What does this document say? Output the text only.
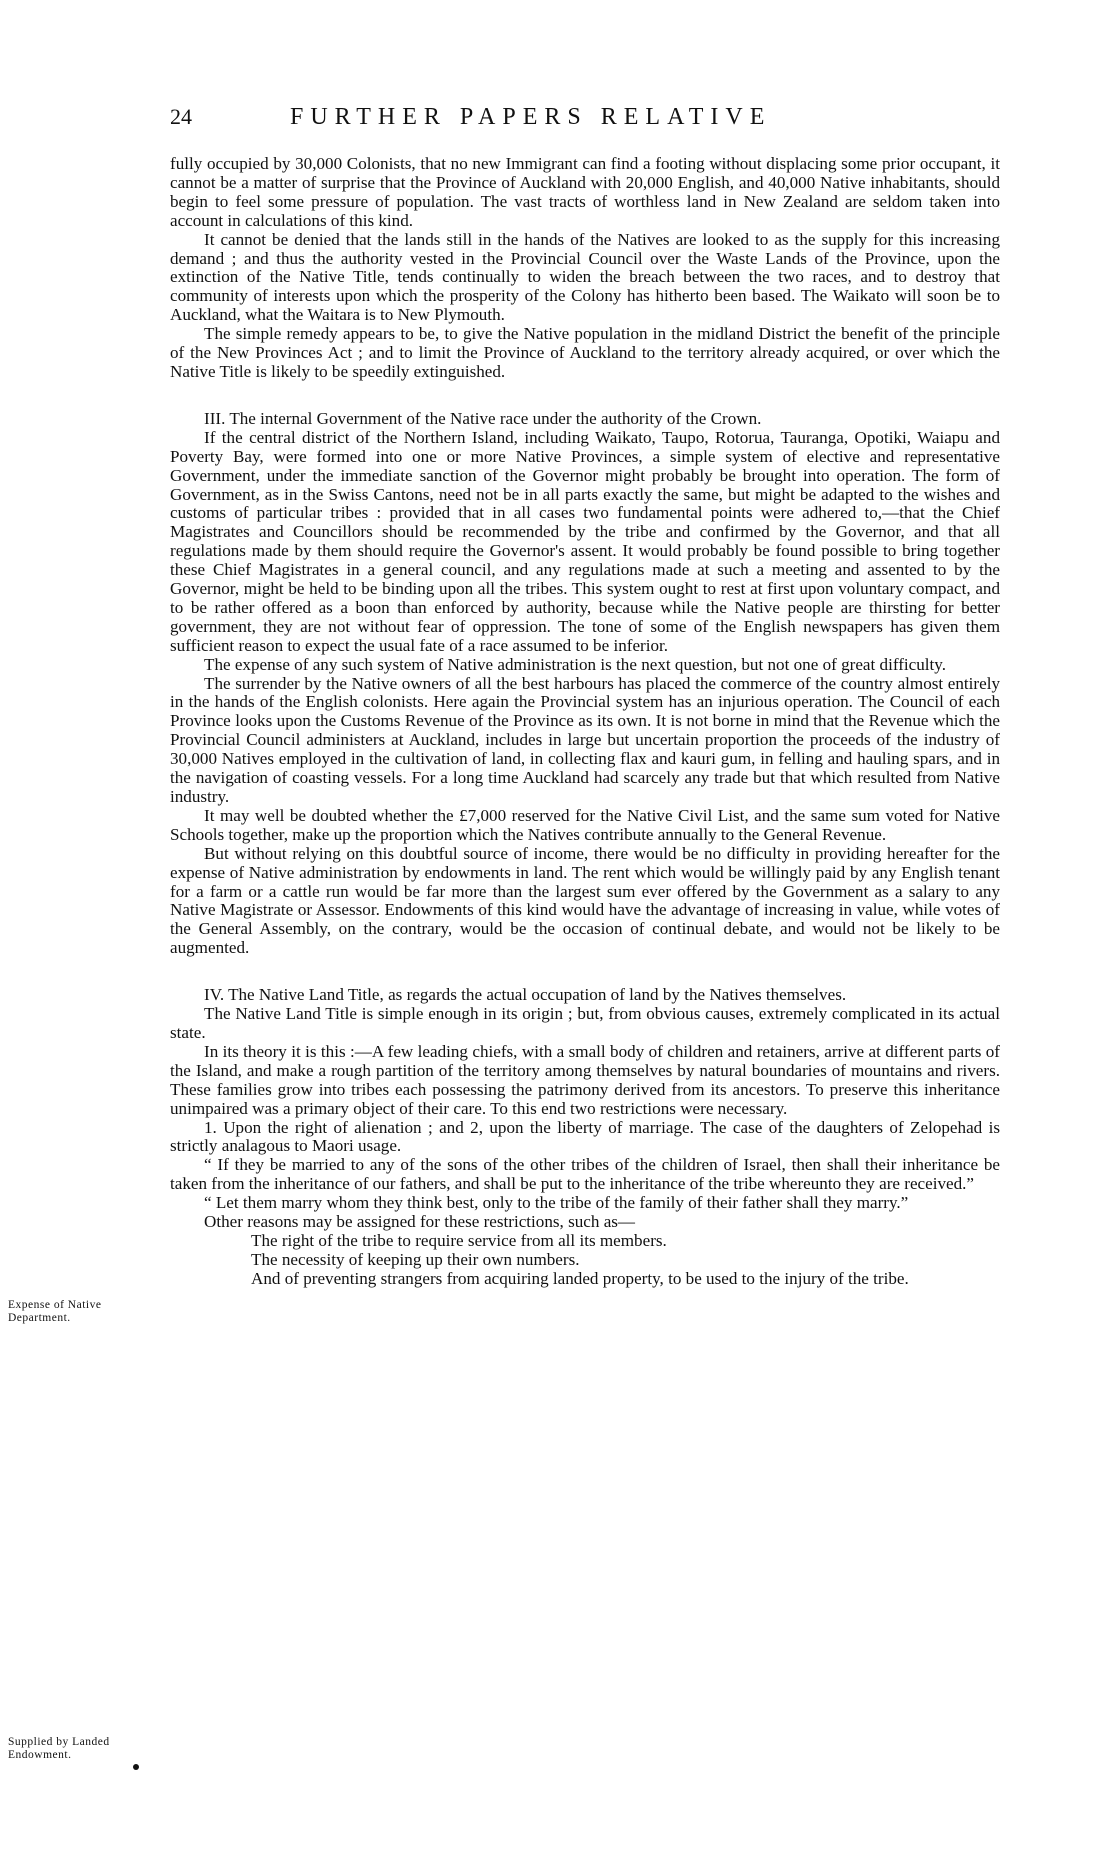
24	FURTHER PAPERS RELATIVE
Expense of Native Department.
Supplied by Landed Endowment.

fully occupied by 30,000 Colonists, that no new Immigrant can find a footing without displacing some prior occupant, it cannot be a matter of surprise that the Province of Auckland with 20,000 English, and 40,000 Native inhabitants, should begin to feel some pressure of population. The vast tracts of worthless land in New Zealand are seldom taken into account in calculations of this kind.

It cannot be denied that the lands still in the hands of the Natives are looked to as the supply for this increasing demand ; and thus the authority vested in the Provincial Council over the Waste Lands of the Province, upon the extinction of the Native Title, tends continually to widen the breach between the two races, and to destroy that community of interests upon which the prosperity of the Colony has hitherto been based. The Waikato will soon be to Auckland, what the Waitara is to New Plymouth.

The simple remedy appears to be, to give the Native population in the midland District the benefit of the principle of the New Provinces Act ; and to limit the Province of Auckland to the territory already acquired, or over which the Native Title is likely to be speedily extinguished.

III. The internal Government of the Native race under the authority of the Crown.

If the central district of the Northern Island, including Waikato, Taupo, Rotorua, Tauranga, Opotiki, Waiapu and Poverty Bay, were formed into one or more Native Provinces, a simple system of elective and representative Government, under the immediate sanction of the Governor might probably be brought into operation. The form of Government, as in the Swiss Cantons, need not be in all parts exactly the same, but might be adapted to the wishes and customs of particular tribes : provided that in all cases two fundamental points were adhered to,—that the Chief Magistrates and Councillors should be recommended by the tribe and confirmed by the Governor, and that all regulations made by them should require the Governor's assent. It would probably be found possible to bring together these Chief Magistrates in a general council, and any regulations made at such a meeting and assented to by the Governor, might be held to be binding upon all the tribes. This system ought to rest at first upon voluntary compact, and to be rather offered as a boon than enforced by authority, because while the Native people are thirsting for better government, they are not without fear of oppression. The tone of some of the English newspapers has given them sufficient reason to expect the usual fate of a race assumed to be inferior.

The expense of any such system of Native administration is the next question, but not one of great difficulty.

The surrender by the Native owners of all the best harbours has placed the commerce of the country almost entirely in the hands of the English colonists. Here again the Provincial system has an injurious operation. The Council of each Province looks upon the Customs Revenue of the Province as its own. It is not borne in mind that the Revenue which the Provincial Council administers at Auckland, includes in large but uncertain proportion the proceeds of the industry of 30,000 Natives employed in the cultivation of land, in collecting flax and kauri gum, in felling and hauling spars, and in the navigation of coasting vessels. For a long time Auckland had scarcely any trade but that which resulted from Native industry.

It may well be doubted whether the £7,000 reserved for the Native Civil List, and the same sum voted for Native Schools together, make up the proportion which the Natives contribute annually to the General Revenue.

But without relying on this doubtful source of income, there would be no difficulty in providing hereafter for the expense of Native administration by endowments in land. The rent which would be willingly paid by any English tenant for a farm or a cattle run would be far more than the largest sum ever offered by the Government as a salary to any Native Magistrate or Assessor. Endowments of this kind would have the advantage of increasing in value, while votes of the General Assembly, on the contrary, would be the occasion of continual debate, and would not be likely to be augmented.

IV. The Native Land Title, as regards the actual occupation of land by the Natives themselves.

The Native Land Title is simple enough in its origin ; but, from obvious causes, extremely complicated in its actual state.

In its theory it is this :—A few leading chiefs, with a small body of children and retainers, arrive at different parts of the Island, and make a rough partition of the territory among themselves by natural boundaries of mountains and rivers. These families grow into tribes each possessing the patrimony derived from its ancestors. To preserve this inheritance unimpaired was a primary object of their care. To this end two restrictions were necessary.

1. Upon the right of alienation ; and 2, upon the liberty of marriage. The case of the daughters of Zelopehad is strictly analagous to Maori usage.

“ If they be married to any of the sons of the other tribes of the children of Israel, then shall their inheritance be taken from the inheritance of our fathers, and shall be put to the inheritance of the tribe whereunto they are received.”

“ Let them marry whom they think best, only to the tribe of the family of their father shall they marry.”

Other reasons may be assigned for these restrictions, such as—

The right of the tribe to require service from all its members.

The necessity of keeping up their own numbers.

And of preventing strangers from acquiring landed property, to be used to the injury of the tribe.
